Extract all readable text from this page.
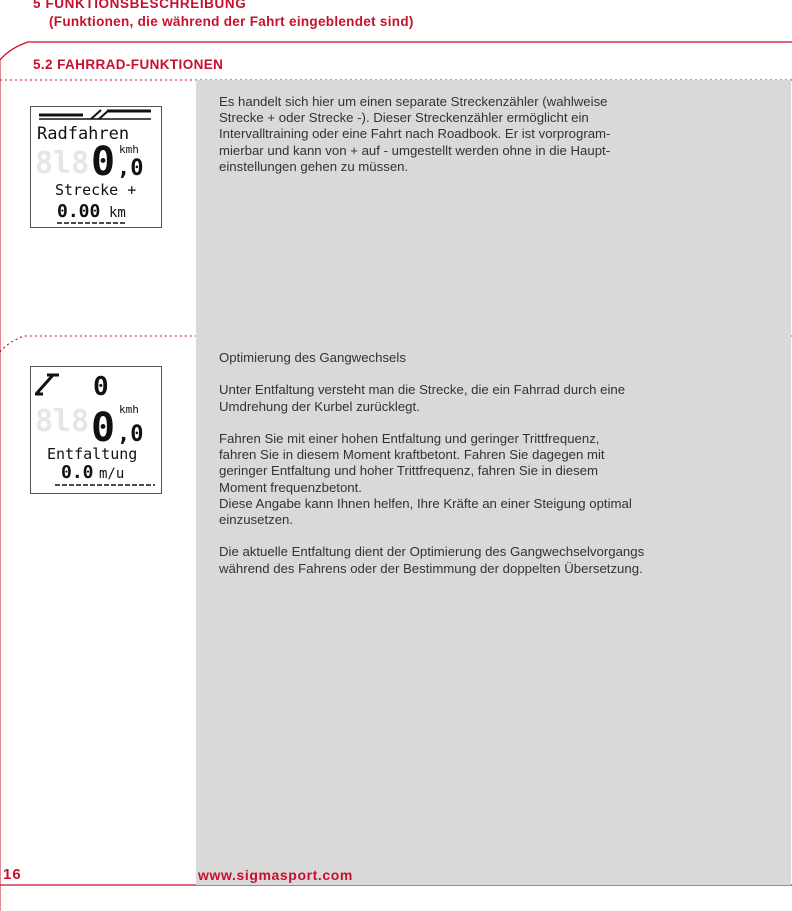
5 FUNKTIONSBESCHREIBUNG
(Funktionen, die während der Fahrt eingeblendet sind)
5.2 FAHRRAD-FUNKTIONEN
Es handelt sich hier um einen separate Streckenzähler (wahlweise
Strecke + oder Strecke -). Dieser Streckenzähler ermöglicht ein
Intervalltraining oder eine Fahrt nach Roadbook. Er ist vorprogram-
mierbar und kann von + auf - umgestellt werden ohne in die Haupt-
einstellungen gehen zu müssen.
8l8
Radfahren
0 ,0
kmh
Strecke +
0.00 km

Optimierung des Gangwechsels

Unter Entfaltung versteht man die Strecke, die ein Fahrrad durch eine
Umdrehung der Kurbel zurücklegt.

Fahren Sie mit einer hohen Entfaltung und geringer Trittfrequenz,
fahren Sie in diesem Moment kraftbetont. Fahren Sie dagegen mit
geringer Entfaltung und hoher Trittfrequenz, fahren Sie in diesem
Moment frequenzbetont.
Diese Angabe kann Ihnen helfen, Ihre Kräfte an einer Steigung optimal
einzusetzen.

Die aktuelle Entfaltung dient der Optimierung des Gangwechselvorgangs
während des Fahrens oder der Bestimmung der doppelten Übersetzung.

8l8
0
0 ,0
kmh
Entfaltung
0.0 m/u
16	www.sigmasport.com
